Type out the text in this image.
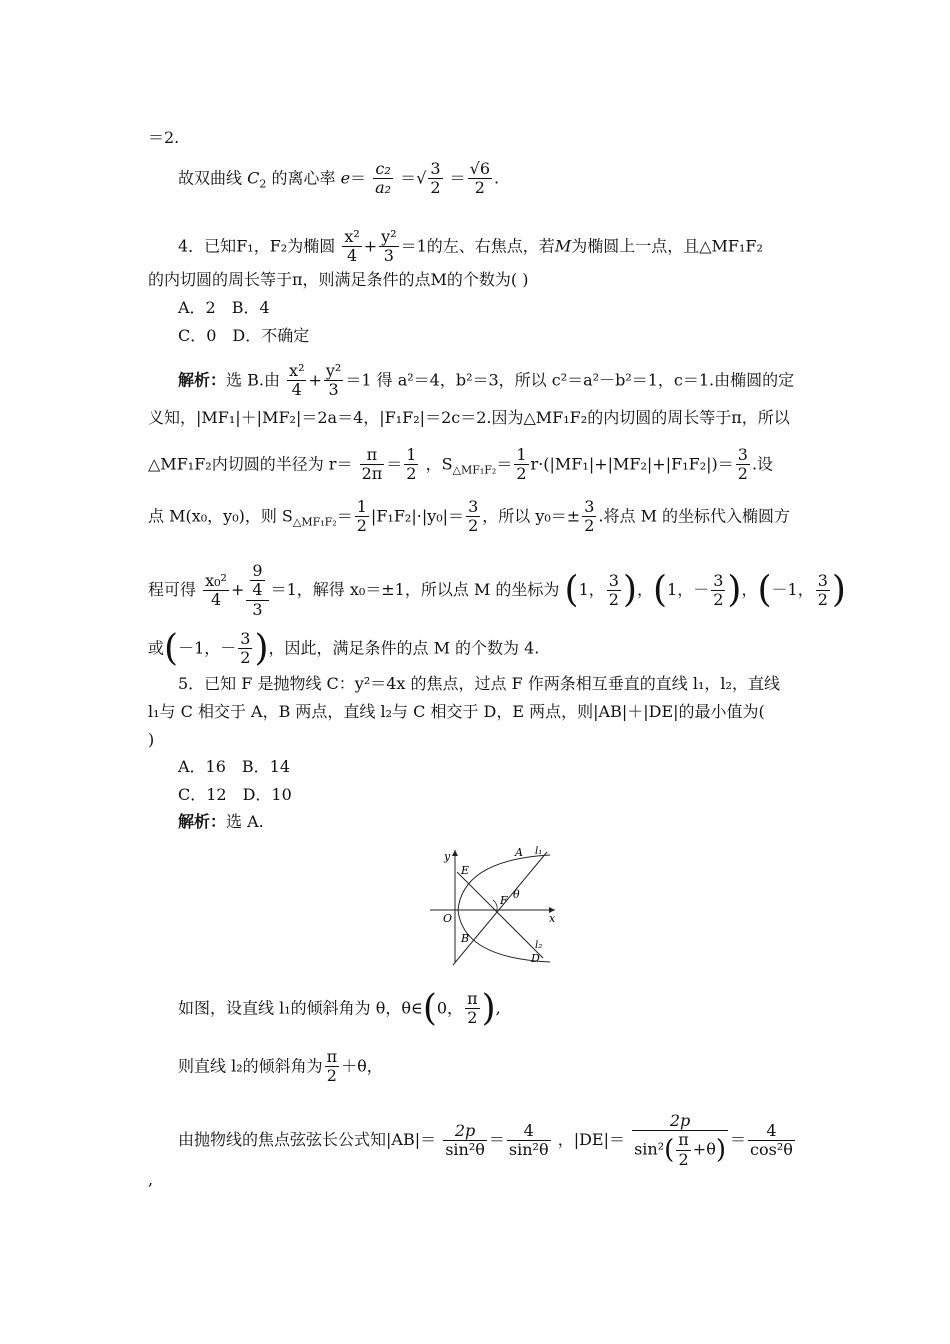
＝2.
故双曲线 $C_2$ 的离心率 $e= \frac{\text{c₂}}{\text{a₂}}$ ＝√ $\frac{3}{2} = \frac{√6}{2}$ .
4．已知F₁，F₂为椭圆 $\frac{\text{x²}}{4} + \frac{\text{y²}}{3} =1$的左、右焦点，若M为椭圆上一点，且△MF₁F₂
的内切圆的周长等于π，则满足条件的点M的个数为( )
A．2　B．4
C．0　D．不确定
解析：选 B.由 $\frac{\text{x²}}{4} + \frac{\text{y²}}{3} =1$ 得 a²＝4，b²＝3，所以 c²＝a²－b²＝1，c＝1.由椭圆的定
义知，|MF₁|＋|MF₂|＝2a＝4，|F₁F₂|＝2c＝2.因为△MF₁F₂的内切圆的周长等于π，所以
△MF₁F₂内切圆的半径为 $r= \frac{\pi}{2\pi} = \frac{1}{2}$ ，$S_{\triangle MF_1F_2}= \frac{1}{2} r\cdot(|MF_1|+|MF_2|+|F_1F_2|)= \frac{3}{2}$ .设
点 M(x₀，y₀)，则 $S_{\triangle MF_1F_2}= \frac{1}{2} |F_1F_2|\cdot|y_0|= \frac{3}{2}$ ，所以 $y_0=\pm \frac{3}{2}$ .将点 M 的坐标代入椭圆方
程可得 $\frac{\text{x₀²}}{4} + \frac{\frac{9}{4}}{3} =1$，解得 x₀＝±1，所以点 M 的坐标为 (1， $\frac{3}{2}$ )，(1，－ $\frac{3}{2}$ )，(－1， $\frac{3}{2}$ )
或(－1，－ $\frac{3}{2}$ )，因此，满足条件的点 M 的个数为 4.
5．已知 F 是抛物线 C：y²＝4x 的焦点，过点 F 作两条相互垂直的直线 l₁，l₂，直线
l₁与 C 相交于 A，B 两点，直线 l₂与 C 相交于 D，E 两点，则|AB|＋|DE|的最小值为(
)
A．16　B．14
C．12　D．10
解析：选 A.
y
x
O
A l₁
E
F θ
B
l₂
D
如图，设直线 l₁的倾斜角为 θ，θ∈(0， $\frac{\pi}{2}$ ),
则直线 l₂的倾斜角为 $\frac{\pi}{2} +\theta$，
由抛物线的焦点弦弦长公式知$|AB|= \frac{2p}{\text{sin²θ}} = \frac{4}{\text{sin²θ}}$ ，$|DE|= \frac{2p}{\sin^2( \frac{\pi}{2} +\theta)} = \frac{4}{\text{cos²θ}}$
,
